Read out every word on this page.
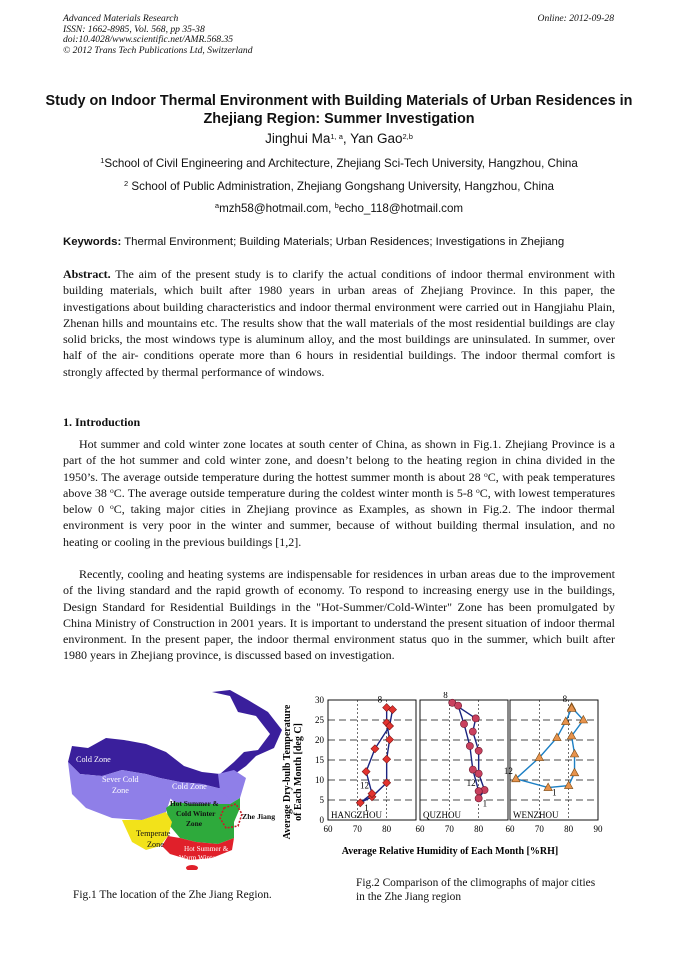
Advanced Materials Research
ISSN: 1662-8985, Vol. 568, pp 35-38
doi:10.4028/www.scientific.net/AMR.568.35
© 2012 Trans Tech Publications Ltd, Switzerland
Online: 2012-09-28
Study on Indoor Thermal Environment with Building Materials of Urban Residences in Zhejiang Region: Summer Investigation
Jinghui Ma$^{1, a}$, Yan Gao$^{2,b}$
$^1$School of Civil Engineering and Architecture, Zhejiang Sci-Tech University, Hangzhou, China
$^2$ School of Public Administration, Zhejiang Gongshang University, Hangzhou, China
$^a$mzh58@hotmail.com, $^b$echo_118@hotmail.com
Keywords: Thermal Environment; Building Materials; Urban Residences; Investigations in Zhejiang
Abstract. The aim of the present study is to clarify the actual conditions of indoor thermal environment with building materials, which built after 1980 years in urban areas of Zhejiang Province. In this paper, the investigations about building characteristics and indoor thermal environment were carried out in Hangjiahu Plain, Zhenan hills and mountains etc. The results show that the wall materials of the most residential buildings are clay solid bricks, the most windows type is aluminum alloy, and the most buildings are uninsulated. In summer, over half of the air- conditions operate more than 6 hours in residential buildings. The indoor thermal comfort is strongly affected by thermal performance of windows.
1. Introduction
Hot summer and cold winter zone locates at south center of China, as shown in Fig.1. Zhejiang Province is a part of the hot summer and cold winter zone, and doesn’t belong to the heating region in china divided in the 1950’s. The average outside temperature during the hottest summer month is about 28 $^o$C, with peak temperatures above 38 $^o$C. The average outside temperature during the coldest winter month is 5-8 $^o$C, with lowest temperatures below 0 $^o$C, taking major cities in Zhejiang province as Examples, as shown in Fig.2. The indoor thermal environment is very poor in the winter and summer, because of without building thermal insulation, and no heating or cooling in the previous buildings [1,2].
Recently, cooling and heating systems are indispensable for residences in urban areas due to the improvement of the living standard and the rapid growth of economy. To respond to increasing energy use in the buildings, Design Standard for Residential Buildings in the "Hot-Summer/Cold-Winter" Zone has been promulgated by China Ministry of Construction in 2001 years. It is important to understand the present situation of indoor thermal environment. In the present paper, the indoor thermal environment status quo in the summer, which built after 1980 years in Zhejiang province, is discussed based on investigation.
Cold Zone
Sever Cold
Zone	Cold Zone
Hot Summer &
Cold Winter
Zone
Zhe Jiang
Temperate
Zone	Hot Summer &
Warm Winter Zone
Fig.1 The location of the Zhe Jiang Region.
0
5
10
15
20
25
30
60 70 80	60 70 80 60 70 80 90
HANGZHOU
1
8
12
QUZHOU
1
8
12
WENZHOU
1
8
12
Average Dry-bulb Temperature of Each Month [deg C]
Average Relative Humidity of Each Month [%RH]
Fig.2 Comparison of the climographs of major cities in the Zhe Jiang region
